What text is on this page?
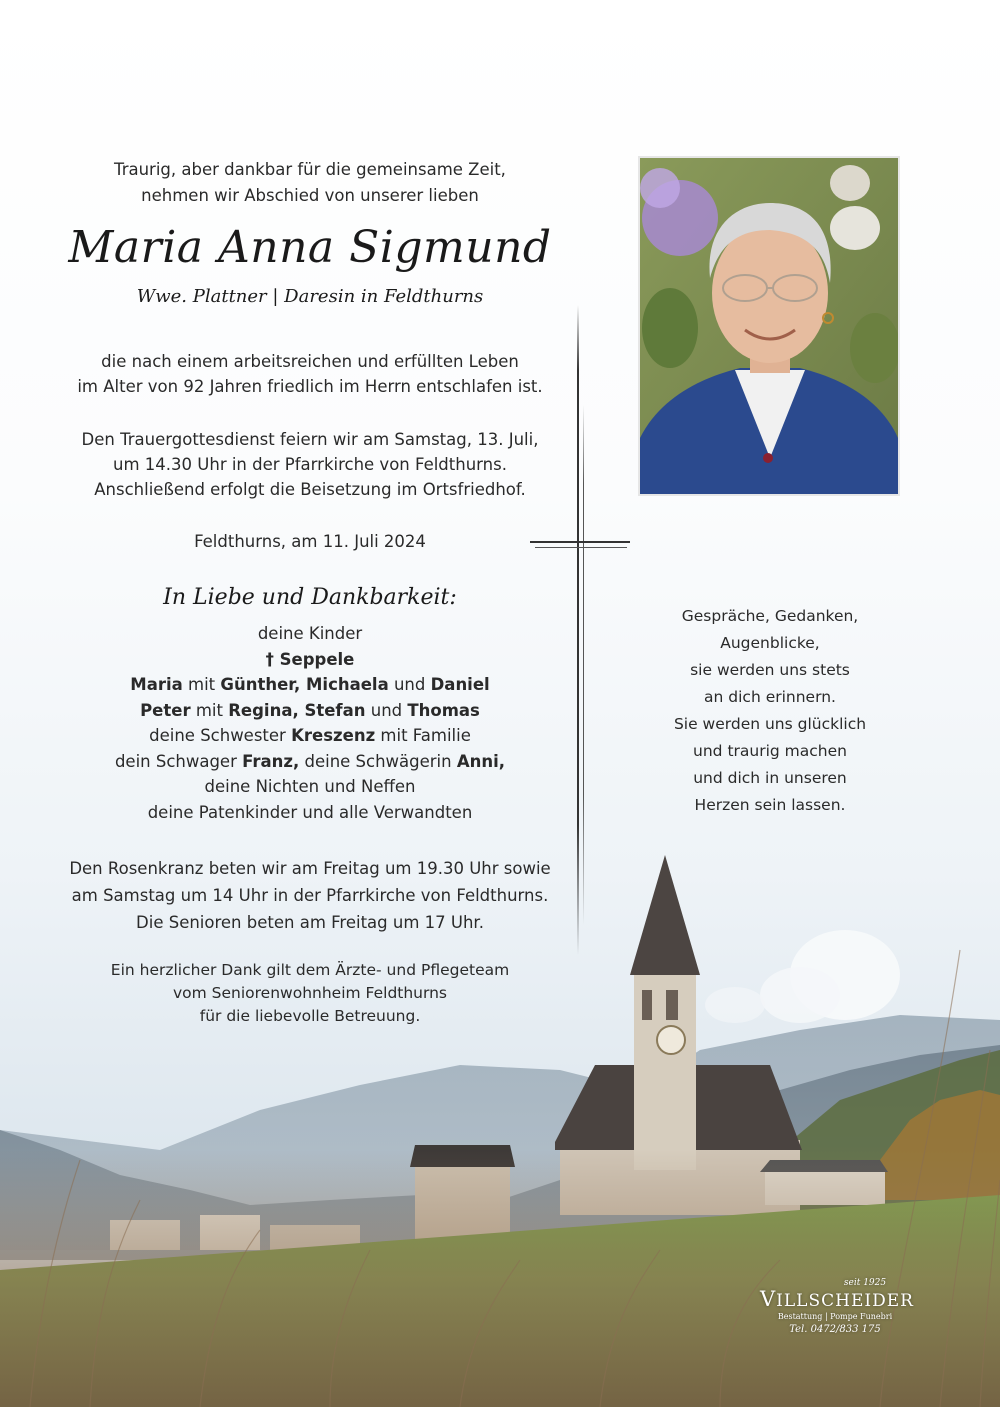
Traurig, aber dankbar für die gemeinsame Zeit,
nehmen wir Abschied von unserer lieben
Maria Anna Sigmund
Wwe. Plattner | Daresin in Feldthurns
die nach einem arbeitsreichen und erfüllten Leben
im Alter von 92 Jahren friedlich im Herrn entschlafen ist.
Den Trauergottesdienst feiern wir am Samstag, 13. Juli,
um 14.30 Uhr in der Pfarrkirche von Feldthurns.
Anschließend erfolgt die Beisetzung im Ortsfriedhof.
Feldthurns, am 11. Juli 2024
In Liebe und Dankbarkeit:
deine Kinder
† Seppele
Maria mit Günther, Michaela und Daniel
Peter mit Regina, Stefan und Thomas
deine Schwester Kreszenz mit Familie
dein Schwager Franz, deine Schwägerin Anni,
deine Nichten und Neffen
deine Patenkinder und alle Verwandten
Den Rosenkranz beten wir am Freitag um 19.30 Uhr sowie
am Samstag um 14 Uhr in der Pfarrkirche von Feldthurns.
Die Senioren beten am Freitag um 17 Uhr.
Ein herzlicher Dank gilt dem Ärzte- und Pflegeteam
vom Seniorenwohnheim Feldthurns
für die liebevolle Betreuung.
Gespräche, Gedanken,
Augenblicke,
sie werden uns stets
an dich erinnern.
Sie werden uns glücklich
und traurig machen
und dich in unseren
Herzen sein lassen.
seit 1925
VILLSCHEIDER
Bestattung | Pompe Funebri
Tel. 0472/833 175
